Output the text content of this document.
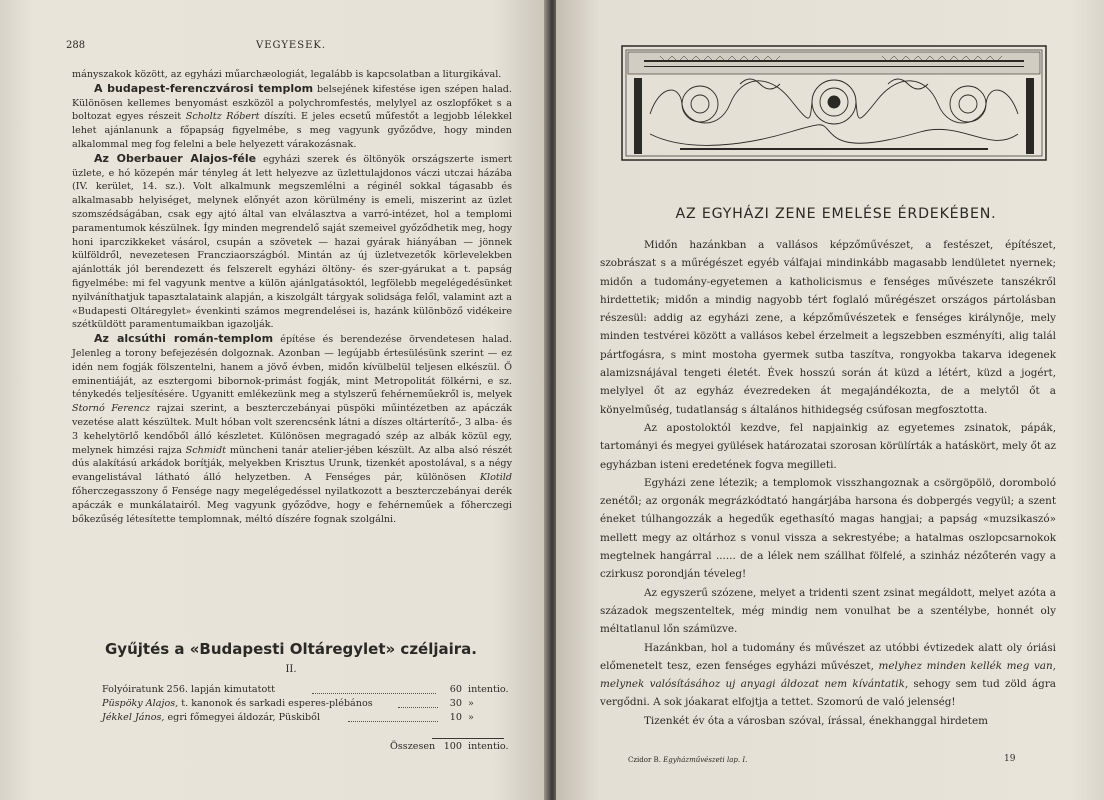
288	VEGYESEK.

mányszakok között, az egyházi műarchæologiát, legalább is kapcsolatban a liturgikával.

A budapest-ferenczvárosi templom belsejének kifestése igen szépen halad. Különösen kellemes benyomást eszközöl a polychromfestés, melylyel az oszlopfőket s a boltozat egyes részeit Scholtz Róbert díszíti. E jeles ecsetű műfestőt a legjobb lélekkel lehet ajánlanunk a főpapság figyelmébe, s meg vagyunk győződve, hogy minden alkalommal meg fog felelni a bele helyezett várakozásnak.

Az Oberbauer Alajos-féle egyházi szerek és öltönyök országszerte ismert üzlete, e hó közepén már tényleg át lett helyezve az üzlettulajdonos váczi utczai házába (IV. kerület, 14. sz.). Volt alkalmunk megszemlélni a réginél sokkal tágasabb és alkalmasabb helyiséget, melynek előnyét azon körülmény is emeli, miszerint az üzlet szomszédságában, csak egy ajtó által van elválasztva a varró-intézet, hol a templomi paramentumok készülnek. Így minden megrendelő saját szemeivel győződhetik meg, hogy honi iparczikkeket vásárol, csupán a szövetek — hazai gyárak hiányában — jönnek külföldről, nevezetesen Francziaországból. Mintán az új üzletvezetők körlevelekben ajánlották jól berendezett és felszerelt egyházi öltöny- és szer-gyárukat a t. papság figyelmébe: mi fel vagyunk mentve a külön ajánlgatásoktól, legfölebb megelégedésünket nyilváníthatjuk tapasztalataink alapján, a kiszolgált tárgyak solidsága felől, valamint azt a «Budapesti Oltáregylet» évenkinti számos megrendelései is, hazánk különböző vidékeire szétküldött paramentumaikban igazolják.

Az alcsúthi román-templom építése és berendezése örvendetesen halad. Jelenleg a torony befejezésén dolgoznak. Azonban — legújabb értesülésünk szerint — ez idén nem fogják fölszentelni, hanem a jövő évben, midőn kívülbelül teljesen elkészül. Ő eminentiáját, az esztergomi bibornok-primást fogják, mint Metropolitát fölkérni, e sz. ténykedés teljesítésére. Ugyanitt emlékezünk meg a stylszerű fehérneműekről is, melyek Stornó Ferencz rajzai szerint, a beszterczebányai püspöki műintézetben az apáczák vezetése alatt készültek. Mult hóban volt szerencsénk látni a díszes oltárterítő-, 3 alba- és 3 kehelytörlő kendőből álló készletet. Különösen megragadó szép az albák közül egy, melynek himzési rajza Schmidt müncheni tanár atelier-jében készült. Az alba alsó részét dús alakítású arkádok borítják, melyekben Krisztus Urunk, tizenkét apostolával, s a négy evangelistával látható álló helyzetben. A Fenséges pár, különösen Klotild főherczegasszony ő Fensége nagy megelégedéssel nyilatkozott a beszterczebányai derék apáczák e munkálatairól. Meg vagyunk győződve, hogy e fehérneműek a főherczegi bőkezűség létesítette templomnak, méltó díszére fognak szolgálni.

Gyűjtés a «Budapesti Oltáregylet» czéljaira.
II.
Folyóiratunk 256. lapján kimutatott	60 intentio.
Püspöky Alajos, t. kanonok és sarkadi esperes-plébános	30 »
Jékkel János, egri főmegyei áldozár, Püskiből	10 »
Összesen 100 intentio.
AZ EGYHÁZI ZENE EMELÉSE ÉRDEKÉBEN.

Midőn hazánkban a vallásos képzőművészet, a festészet, építészet, szobrászat s a műrégészet egyéb válfajai mindinkább magasabb lendületet nyernek; midőn a tudomány-egyetemen a katholicismus e fenséges művészete tanszékről hirdettetik; midőn a mindig nagyobb tért foglaló műrégészet országos pártolásban részesül: addig az egyházi zene, a képzőművészetek e fenséges királynője, mely minden testvérei között a vallásos kebel érzelmeit a legszebben eszményíti, alig talál pártfogásra, s mint mostoha gyermek sutba taszítva, rongyokba takarva idegenek alamizsnájával tengeti életét. Évek hosszú során át küzd a létért, küzd a jogért, melylyel őt az egyház évezredeken át megajándékozta, de a melytől őt a könyelműség, tudatlanság s általános hithidegség csúfosan megfosztotta.

Az apostoloktól kezdve, fel napjainkig az egyetemes zsinatok, pápák, tartományi és megyei gyülések határozatai szorosan körülírták a hatáskört, mely őt az egyházban isteni eredetének fogva megilleti.

Egyházi zene létezik; a templomok visszhangoznak a csörgöpölö, doromboló zenétől; az orgonák megrázkódtató hangárjába harsona és dobpergés vegyül; a szent éneket túlhangozzák a hegedűk egethasító magas hangjai; a papság «muzsikaszó» mellett megy az oltárhoz s vonul vissza a sekrestyébe; a hatalmas oszlopcsarnokok megtelnek hangárral ...... de a lélek nem szállhat fölfelé, a szinház nézőterén vagy a czirkusz porondján téveleg!

Az egyszerű szózene, melyet a tridenti szent zsinat megáldott, melyet azóta a századok megszenteltek, még mindig nem vonulhat be a szentélybe, honnét oly méltatlanul lőn számüzve.

Hazánkban, hol a tudomány és művészet az utóbbi évtizedek alatt oly óriási előmenetelt tesz, ezen fenséges egyházi művészet, melyhez minden kellék meg van, melynek valósításához uj anyagi áldozat nem kívántatik, sehogy sem tud zöld ágra vergődni. A sok jóakarat elfojtja a tettet. Szomorú de való jelenség!

Tizenkét év óta a városban szóval, írással, énekhanggal hirdetem

Czidor B. Egyházművészeti lap. I.	19
